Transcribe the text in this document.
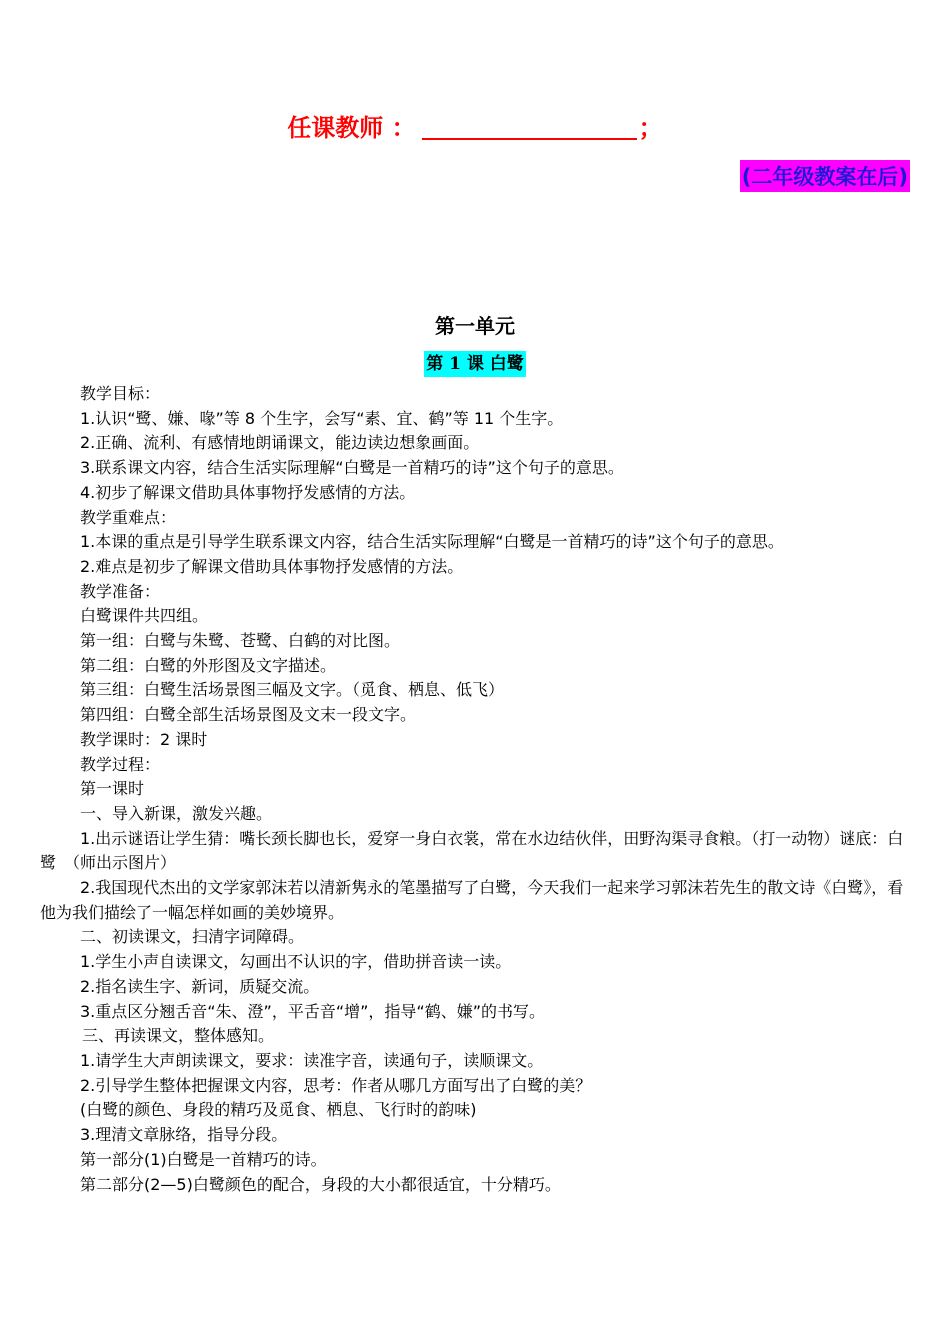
任课教师 ：	；
(二年级教案在后)
第一单元
第 1 课 白鹭

教学目标：

1.认识“鹭、嫌、喙”等 8 个生字，会写“素、宜、鹤”等 11 个生字。

2.正确、流利、有感情地朗诵课文，能边读边想象画面。

3.联系课文内容，结合生活实际理解“白鹭是一首精巧的诗”这个句子的意思。

4.初步了解课文借助具体事物抒发感情的方法。

教学重难点：

1.本课的重点是引导学生联系课文内容，结合生活实际理解“白鹭是一首精巧的诗”这个句子的意思。

2.难点是初步了解课文借助具体事物抒发感情的方法。

教学准备：

白鹭课件共四组。

第一组：白鹭与朱鹭、苍鹭、白鹤的对比图。

第二组：白鹭的外形图及文字描述。

第三组：白鹭生活场景图三幅及文字。（觅食、栖息、低飞）

第四组：白鹭全部生活场景图及文末一段文字。

教学课时：2 课时

教学过程：

第一课时

一、导入新课，激发兴趣。

1.出示谜语让学生猜：嘴长颈长脚也长，爱穿一身白衣裳，常在水边结伙伴，田野沟渠寻食粮。（打一动物）谜底：白鹭　（师出示图片）

2.我国现代杰出的文学家郭沫若以清新隽永的笔墨描写了白鹭，今天我们一起来学习郭沫若先生的散文诗《白鹭》，看他为我们描绘了一幅怎样如画的美妙境界。

二、初读课文，扫清字词障碍。

1.学生小声自读课文，勾画出不认识的字，借助拼音读一读。

2.指名读生字、新词，质疑交流。

3.重点区分翘舌音“朱、澄”，平舌音“增”，指导“鹤、嫌”的书写。

三、再读课文，整体感知。

1.请学生大声朗读课文，要求：读准字音，读通句子，读顺课文。

2.引导学生整体把握课文内容，思考：作者从哪几方面写出了白鹭的美？

(白鹭的颜色、身段的精巧及觅食、栖息、飞行时的韵味)

3.理清文章脉络，指导分段。

第一部分(1)白鹭是一首精巧的诗。

第二部分(2—5)白鹭颜色的配合，身段的大小都很适宜，十分精巧。
